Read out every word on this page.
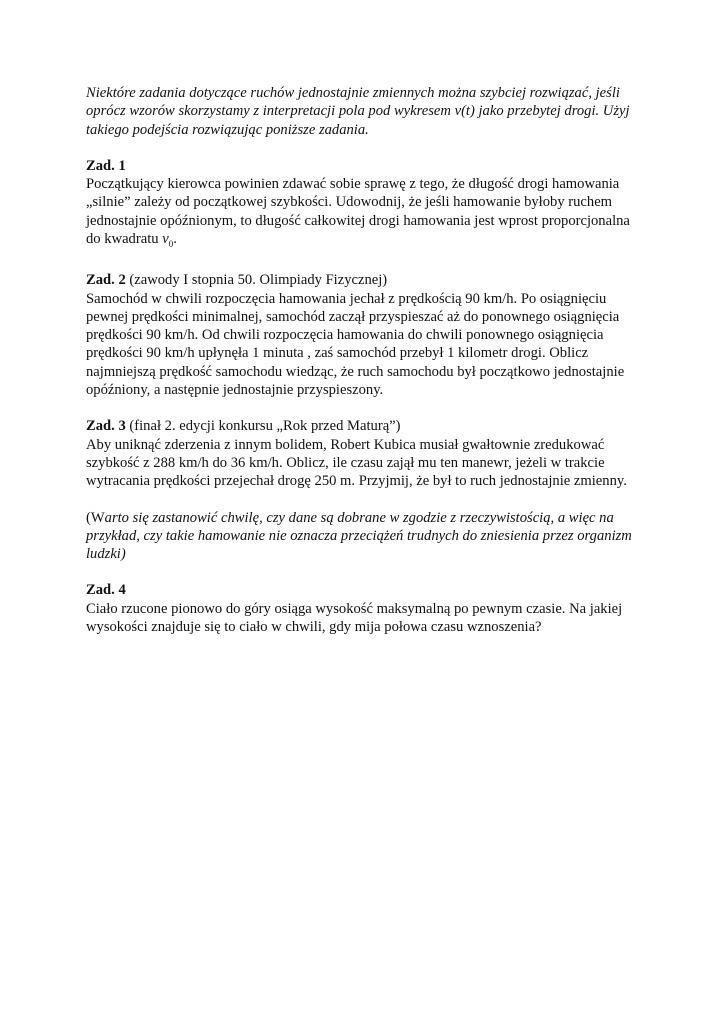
Niektóre zadania dotyczące ruchów jednostajnie zmiennych można szybciej rozwiązać, jeśli oprócz wzorów skorzystamy z interpretacji pola pod wykresem v(t) jako przebytej drogi. Użyj takiego podejścia rozwiązując poniższe zadania.

Zad. 1

Początkujący kierowca powinien zdawać sobie sprawę z tego, że długość drogi hamowania „silnie” zależy od początkowej szybkości. Udowodnij, że jeśli hamowanie byłoby ruchem jednostajnie opóźnionym, to długość całkowitej drogi hamowania jest wprost proporcjonalna do kwadratu $v_0$.

Zad. 2 (zawody I stopnia 50. Olimpiady Fizycznej)

Samochód w chwili rozpoczęcia hamowania jechał z prędkością 90 km/h. Po osiągnięciu pewnej prędkości minimalnej, samochód zaczął przyspieszać aż do ponownego osiągnięcia prędkości 90 km/h. Od chwili rozpoczęcia hamowania do chwili ponownego osiągnięcia prędkości 90 km/h upłynęła 1 minuta , zaś samochód przebył 1 kilometr drogi. Oblicz najmniejszą prędkość samochodu wiedząc, że ruch samochodu był początkowo jednostajnie opóźniony, a następnie jednostajnie przyspieszony.

Zad. 3 (finał 2. edycji konkursu „Rok przed Maturą”)

Aby uniknąć zderzenia z innym bolidem, Robert Kubica musiał gwałtownie zredukować szybkość z 288 km/h do 36 km/h. Oblicz, ile czasu zajął mu ten manewr, jeżeli w trakcie wytracania prędkości przejechał drogę 250 m. Przyjmij, że był to ruch jednostajnie zmienny.

(Warto się zastanowić chwilę, czy dane są dobrane w zgodzie z rzeczywistością, a więc na przykład, czy takie hamowanie nie oznacza przeciążeń trudnych do zniesienia przez organizm ludzki)

Zad. 4

Ciało rzucone pionowo do góry osiąga wysokość maksymalną po pewnym czasie. Na jakiej wysokości znajduje się to ciało w chwili, gdy mija połowa czasu wznoszenia?
